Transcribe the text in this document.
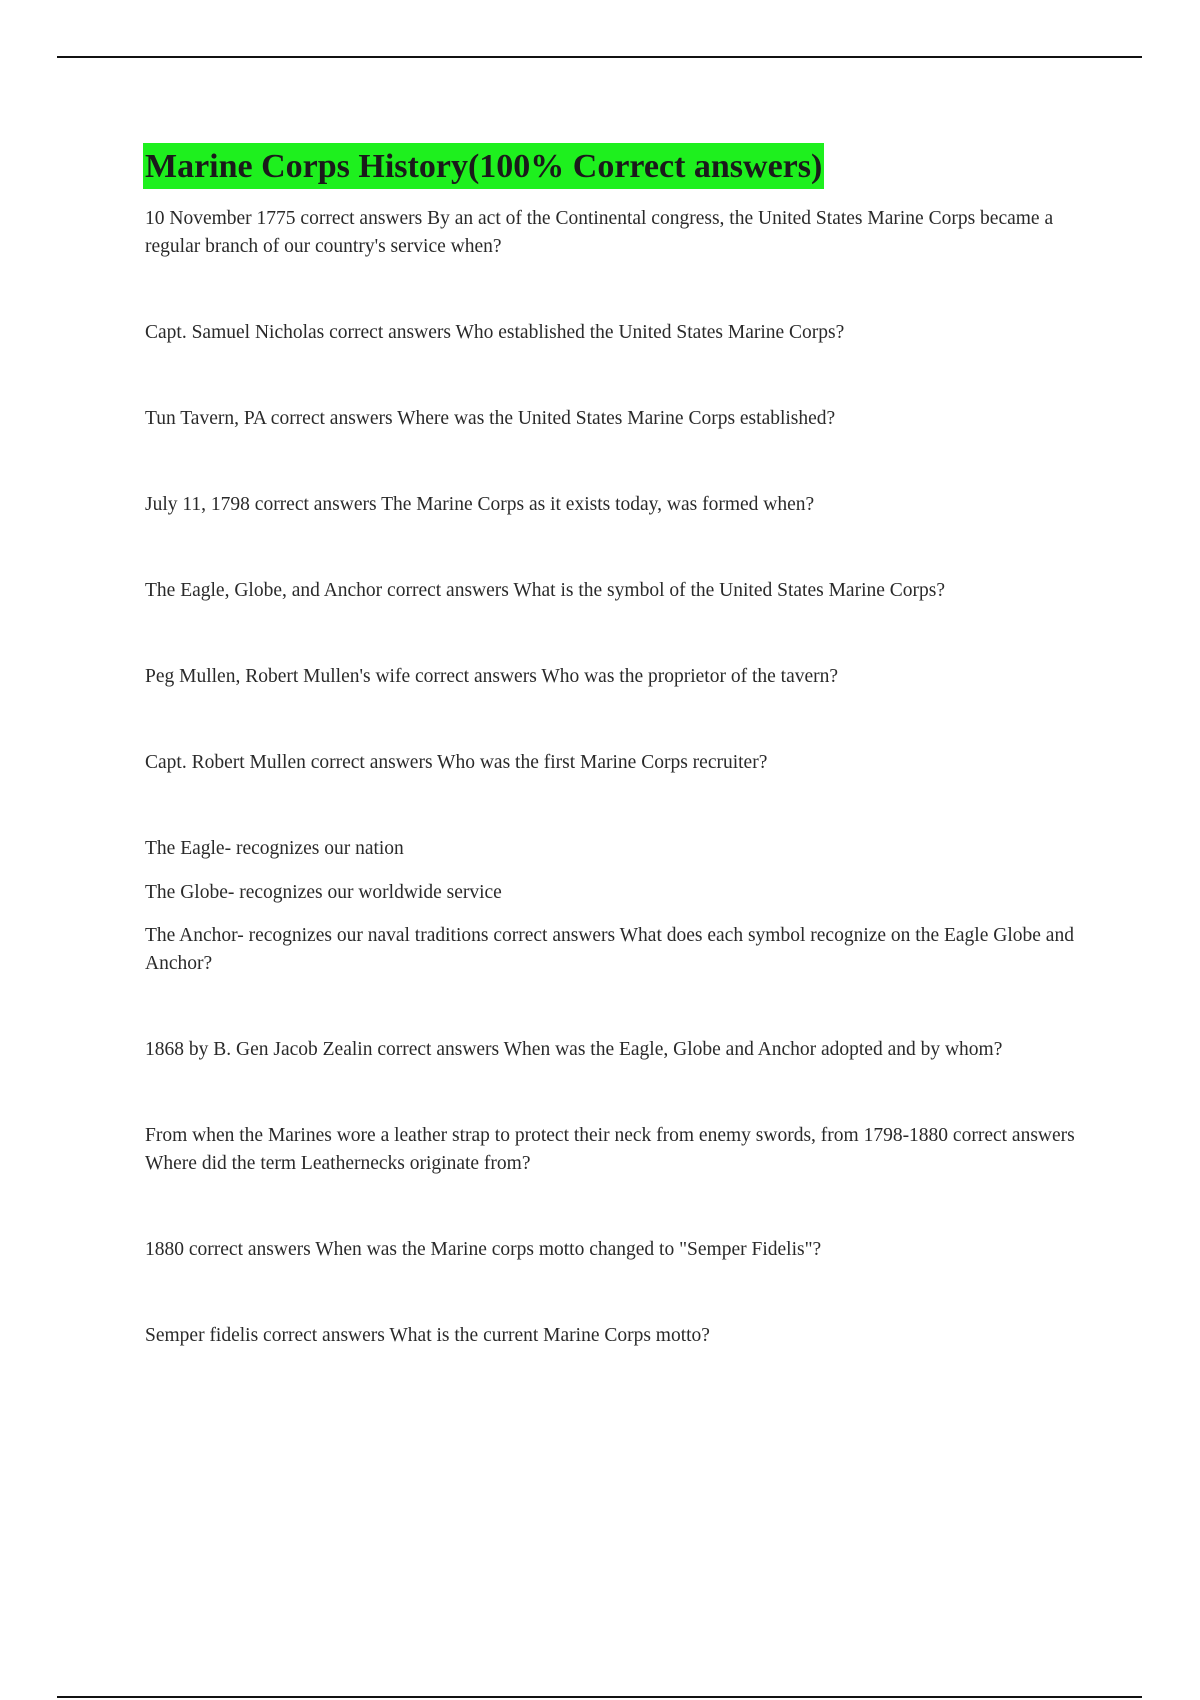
Marine Corps History(100% Correct answers)

10 November 1775 correct answers By an act of the Continental congress, the United States Marine Corps became a regular branch of our country's service when?

Capt. Samuel Nicholas correct answers Who established the United States Marine Corps?

Tun Tavern, PA correct answers Where was the United States Marine Corps established?

July 11, 1798 correct answers The Marine Corps as it exists today, was formed when?

The Eagle, Globe, and Anchor correct answers What is the symbol of the United States Marine Corps?

Peg Mullen, Robert Mullen's wife correct answers Who was the proprietor of the tavern?

Capt. Robert Mullen correct answers Who was the first Marine Corps recruiter?

The Eagle- recognizes our nation

The Globe- recognizes our worldwide service

The Anchor- recognizes our naval traditions correct answers What does each symbol recognize on the Eagle Globe and Anchor?

1868 by B. Gen Jacob Zealin correct answers When was the Eagle, Globe and Anchor adopted and by whom?

From when the Marines wore a leather strap to protect their neck from enemy swords, from 1798-1880 correct answers Where did the term Leathernecks originate from?

1880 correct answers When was the Marine corps motto changed to "Semper Fidelis"?

Semper fidelis correct answers What is the current Marine Corps motto?
